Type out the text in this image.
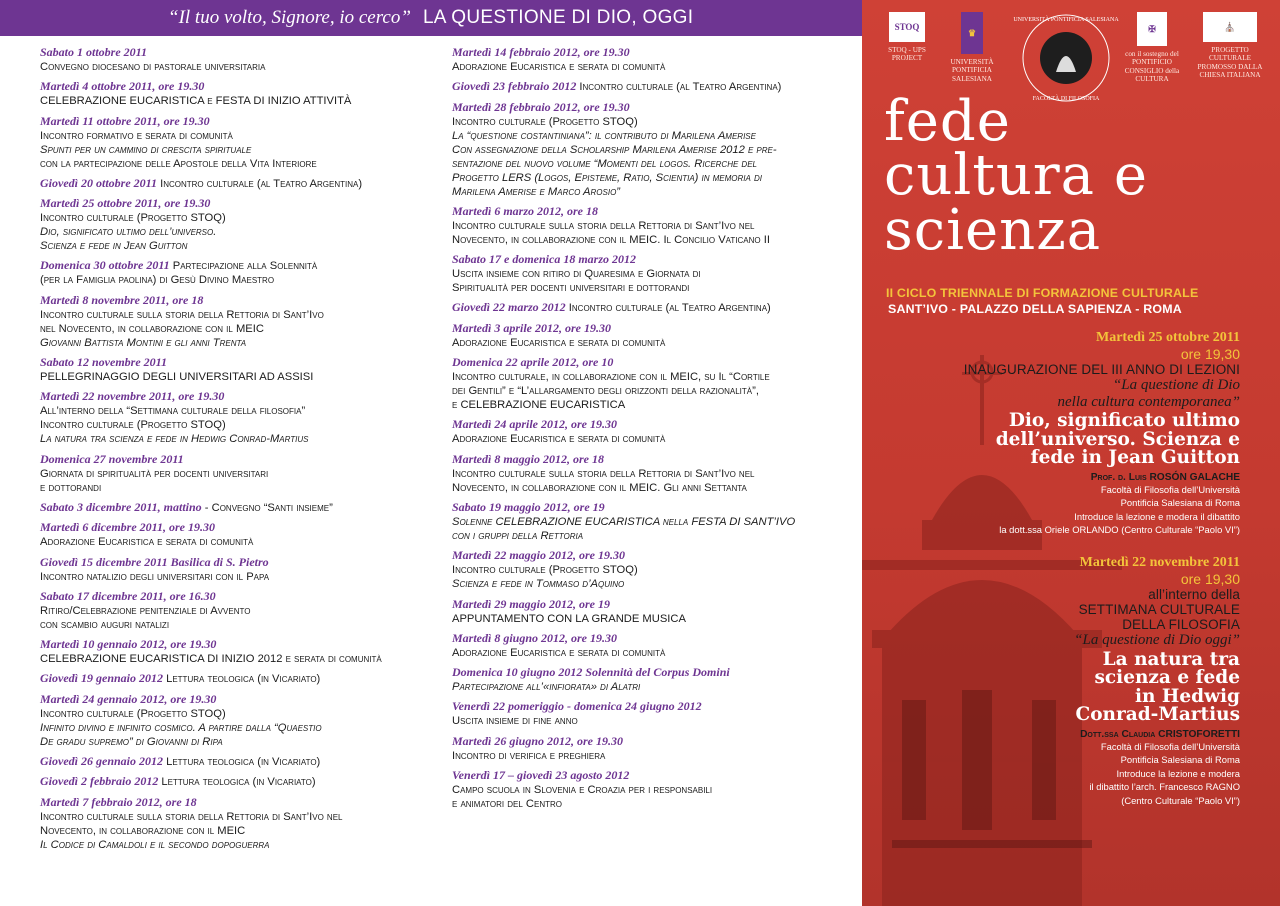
“Il tuo volto, Signore, io cerco” LA QUESTIONE DI DIO, OGGI
Sabato 1 ottobre 2011
Convegno diocesano di pastorale universitaria
Martedì 4 ottobre 2011, ore 19.30
CELEBRAZIONE EUCARISTICA e FESTA DI INIZIO ATTIVITÀ
Martedì 11 ottobre 2011, ore 19.30
Incontro formativo e serata di comunità
Spunti per un cammino di crescita spirituale
con la partecipazione delle Apostole della Vita Interiore
Giovedì 20 ottobre 2011 Incontro culturale (al Teatro Argentina)
Martedì 25 ottobre 2011, ore 19.30
Incontro culturale (Progetto STOQ)
Dio, significato ultimo dell’universo.
Scienza e fede in Jean Guitton
Domenica 30 ottobre 2011 Partecipazione alla Solennità
(per la Famiglia paolina) di Gesù Divino Maestro
Martedì 8 novembre 2011, ore 18
Incontro culturale sulla storia della Rettoria di Sant’Ivo
nel Novecento, in collaborazione con il MEIC
Giovanni Battista Montini e gli anni Trenta
Sabato 12 novembre 2011
PELLEGRINAGGIO DEGLI UNIVERSITARI AD ASSISI
Martedì 22 novembre 2011, ore 19.30
All’interno della “Settimana culturale della filosofia”
Incontro culturale (Progetto STOQ)
La natura tra scienza e fede in Hedwig Conrad-Martius
Domenica 27 novembre 2011
Giornata di spiritualità per docenti universitari
e dottorandi
Sabato 3 dicembre 2011, mattino - Convegno “Santi insieme”
Martedì 6 dicembre 2011, ore 19.30
Adorazione Eucaristica e serata di comunità
Giovedì 15 dicembre 2011 Basilica di S. Pietro
Incontro natalizio degli universitari con il Papa
Sabato 17 dicembre 2011, ore 16.30
Ritiro/Celebrazione penitenziale di Avvento
con scambio auguri natalizi
Martedì 10 gennaio 2012, ore 19.30
CELEBRAZIONE EUCARISTICA DI INIZIO 2012 e serata di comunità
Giovedì 19 gennaio 2012 Lettura teologica (in Vicariato)
Martedì 24 gennaio 2012, ore 19.30
Incontro culturale (Progetto STOQ)
Infinito divino e infinito cosmico. A partire dalla “Quaestio
De gradu supremo” di Giovanni di Ripa
Giovedì 26 gennaio 2012 Lettura teologica (in Vicariato)
Giovedì 2 febbraio 2012 Lettura teologica (in Vicariato)
Martedì 7 febbraio 2012, ore 18
Incontro culturale sulla storia della Rettoria di Sant’Ivo nel
Novecento, in collaborazione con il MEIC
Il Codice di Camaldoli e il secondo dopoguerra
Martedì 14 febbraio 2012, ore 19.30
Adorazione Eucaristica e serata di comunità
Giovedì 23 febbraio 2012 Incontro culturale (al Teatro Argentina)
Martedì 28 febbraio 2012, ore 19.30
Incontro culturale (Progetto STOQ)
La “questione costantiniana”: il contributo di Marilena Amerise
Con assegnazione della Scholarship Marilena Amerise 2012 e pre-
sentazione del nuovo volume “Momenti del logos. Ricerche del
Progetto LERS (Logos, Episteme, Ratio, Scientia) in memoria di
Marilena Amerise e Marco Arosio”
Martedì 6 marzo 2012, ore 18
Incontro culturale sulla storia della Rettoria di Sant’Ivo nel
Novecento, in collaborazione con il MEIC. Il Concilio Vaticano II
Sabato 17 e domenica 18 marzo 2012
Uscita insieme con ritiro di Quaresima e Giornata di
Spiritualità per docenti universitari e dottorandi
Giovedì 22 marzo 2012 Incontro culturale (al Teatro Argentina)
Martedì 3 aprile 2012, ore 19.30
Adorazione Eucaristica e serata di comunità
Domenica 22 aprile 2012, ore 10
Incontro culturale, in collaborazione con il MEIC, su Il “Cortile
dei Gentili” e “L’allargamento degli orizzonti della razionalità”,
e CELEBRAZIONE EUCARISTICA
Martedì 24 aprile 2012, ore 19.30
Adorazione Eucaristica e serata di comunità
Martedì 8 maggio 2012, ore 18
Incontro culturale sulla storia della Rettoria di Sant’Ivo nel
Novecento, in collaborazione con il MEIC. Gli anni Settanta
Sabato 19 maggio 2012, ore 19
Solenne CELEBRAZIONE EUCARISTICA nella FESTA DI SANT’IVO
con i gruppi della Rettoria
Martedì 22 maggio 2012, ore 19.30
Incontro culturale (Progetto STOQ)
Scienza e fede in Tommaso d’Aquino
Martedì 29 maggio 2012, ore 19
APPUNTAMENTO CON LA GRANDE MUSICA
Martedì 8 giugno 2012, ore 19.30
Adorazione Eucaristica e serata di comunità
Domenica 10 giugno 2012 Solennità del Corpus Domini
Partecipazione all’«infiorata» di Alatri
Venerdì 22 pomeriggio - domenica 24 giugno 2012
Uscita insieme di fine anno
Martedì 26 giugno 2012, ore 19.30
Incontro di verifica e preghiera
Venerdì 17 – giovedì 23 agosto 2012
Campo scuola in Slovenia e Croazia per i responsabili
e animatori del Centro
STOQ
STOQ - UPS PROJECT
♛
UNIVERSITÀ PONTIFICIA SALESIANA
UNIVERSITÀ PONTIFICIA SALESIANA
FACOLTÀ DI FILOSOFIA
✠
con il sostegno del PONTIFICIO CONSIGLIO della CULTURA
⛪
PROGETTO CULTURALE PROMOSSO DALLA CHIESA ITALIANA
fede
cultura e
scienza
II CICLO TRIENNALE DI FORMAZIONE CULTURALE
SANT’IVO - PALAZZO DELLA SAPIENZA - ROMA
Martedì 25 ottobre 2011
ore 19,30
INAUGURAZIONE DEL III ANNO DI LEZIONI
“La questione di Dio
nella cultura contemporanea”
Dio, significato ultimo
dell’universo. Scienza e
fede in Jean Guitton
Prof. d. Luis ROSÓN GALACHE
Facoltà di Filosofia dell’Università
Pontificia Salesiana di Roma
Introduce la lezione e modera il dibattito
la dott.ssa Oriele ORLANDO (Centro Culturale “Paolo VI”)
Martedì 22 novembre 2011
ore 19,30
all’interno della
SETTIMANA CULTURALE
DELLA FILOSOFIA
“La questione di Dio oggi”
La natura tra
scienza e fede
in Hedwig
Conrad-Martius
Dott.ssa Claudia CRISTOFORETTI
Facoltà di Filosofia dell’Università
Pontificia Salesiana di Roma
Introduce la lezione e modera
il dibattito l’arch. Francesco RAGNO
(Centro Culturale “Paolo VI”)
